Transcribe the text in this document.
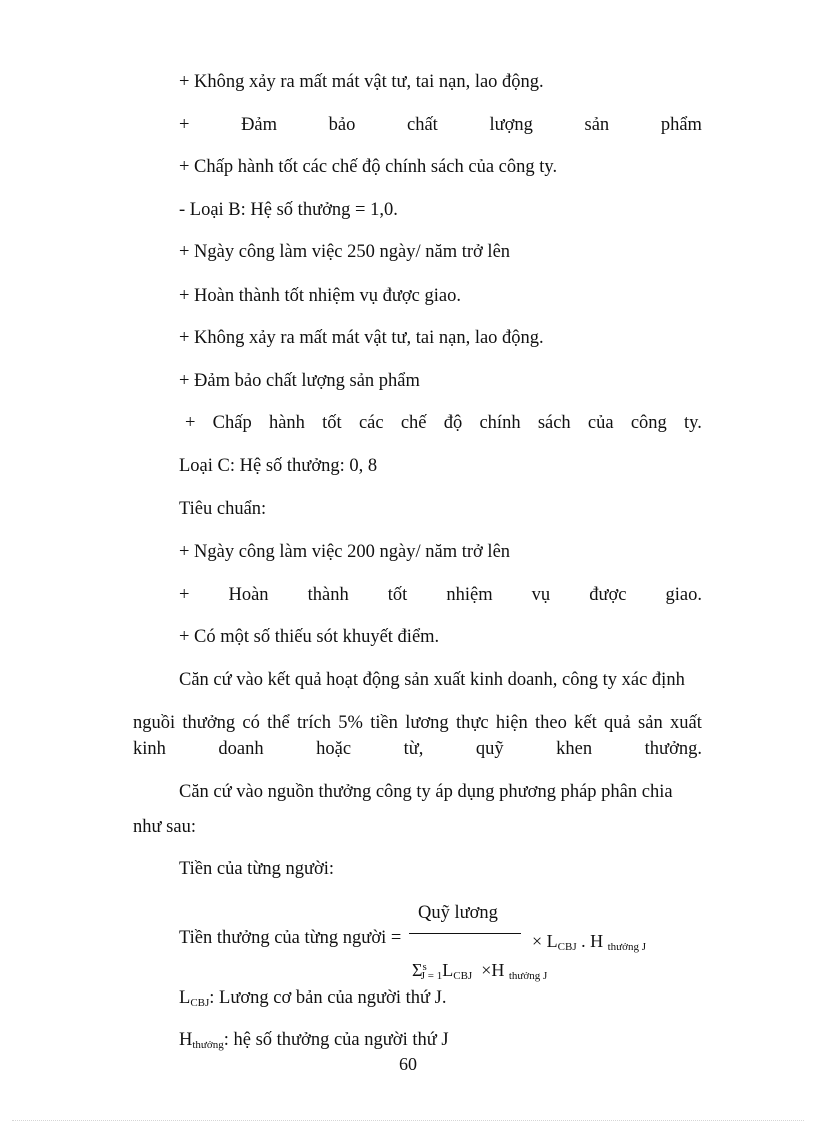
+ Không xảy ra mất mát vật tư, tai nạn, lao động.
+	Đảm	bảo	chất	lượng	sản	phẩm
+ Chấp hành tốt các chế độ chính sách của công ty.
- Loại B: Hệ số thưởng = 1,0.
+ Ngày công làm việc 250 ngày/ năm trở lên
+ Hoàn thành tốt nhiệm vụ được giao.
+ Không xảy ra mất mát vật tư, tai nạn, lao động.
+ Đảm bảo chất lượng sản phẩm
+ Chấp hành tốt các chế độ chính sách của công ty.
Loại C: Hệ số thưởng: 0, 8
Tiêu chuẩn:
+ Ngày công làm việc 200 ngày/ năm trở lên
+ Hoàn thành tốt nhiệm vụ được giao.
+ Có một số thiếu sót khuyết điểm.
Căn cứ vào kết quả hoạt động sản xuất kinh doanh, công ty xác định
nguồi thưởng có thể trích 5% tiền lương thực hiện theo kết quả sản xuất
kinh	doanh	hoặc	từ,	quỹ	khen	thưởng.
Căn cứ vào nguồn thưởng công ty áp dụng phương pháp phân chia
như sau:
Tiền của từng người:
Tiền thưởng của từng người =
Quỹ lương
$\Sigma^s_{J = 1}L_{CBJ} \times H$ $_{thưởng J}$
× $L_{CBJ}$ . H $_{thưởng J}$
$L_{CBJ}$: Lương cơ bản của người thứ J.
$H_{thưởng}$: hệ số thưởng của người thứ J
60
